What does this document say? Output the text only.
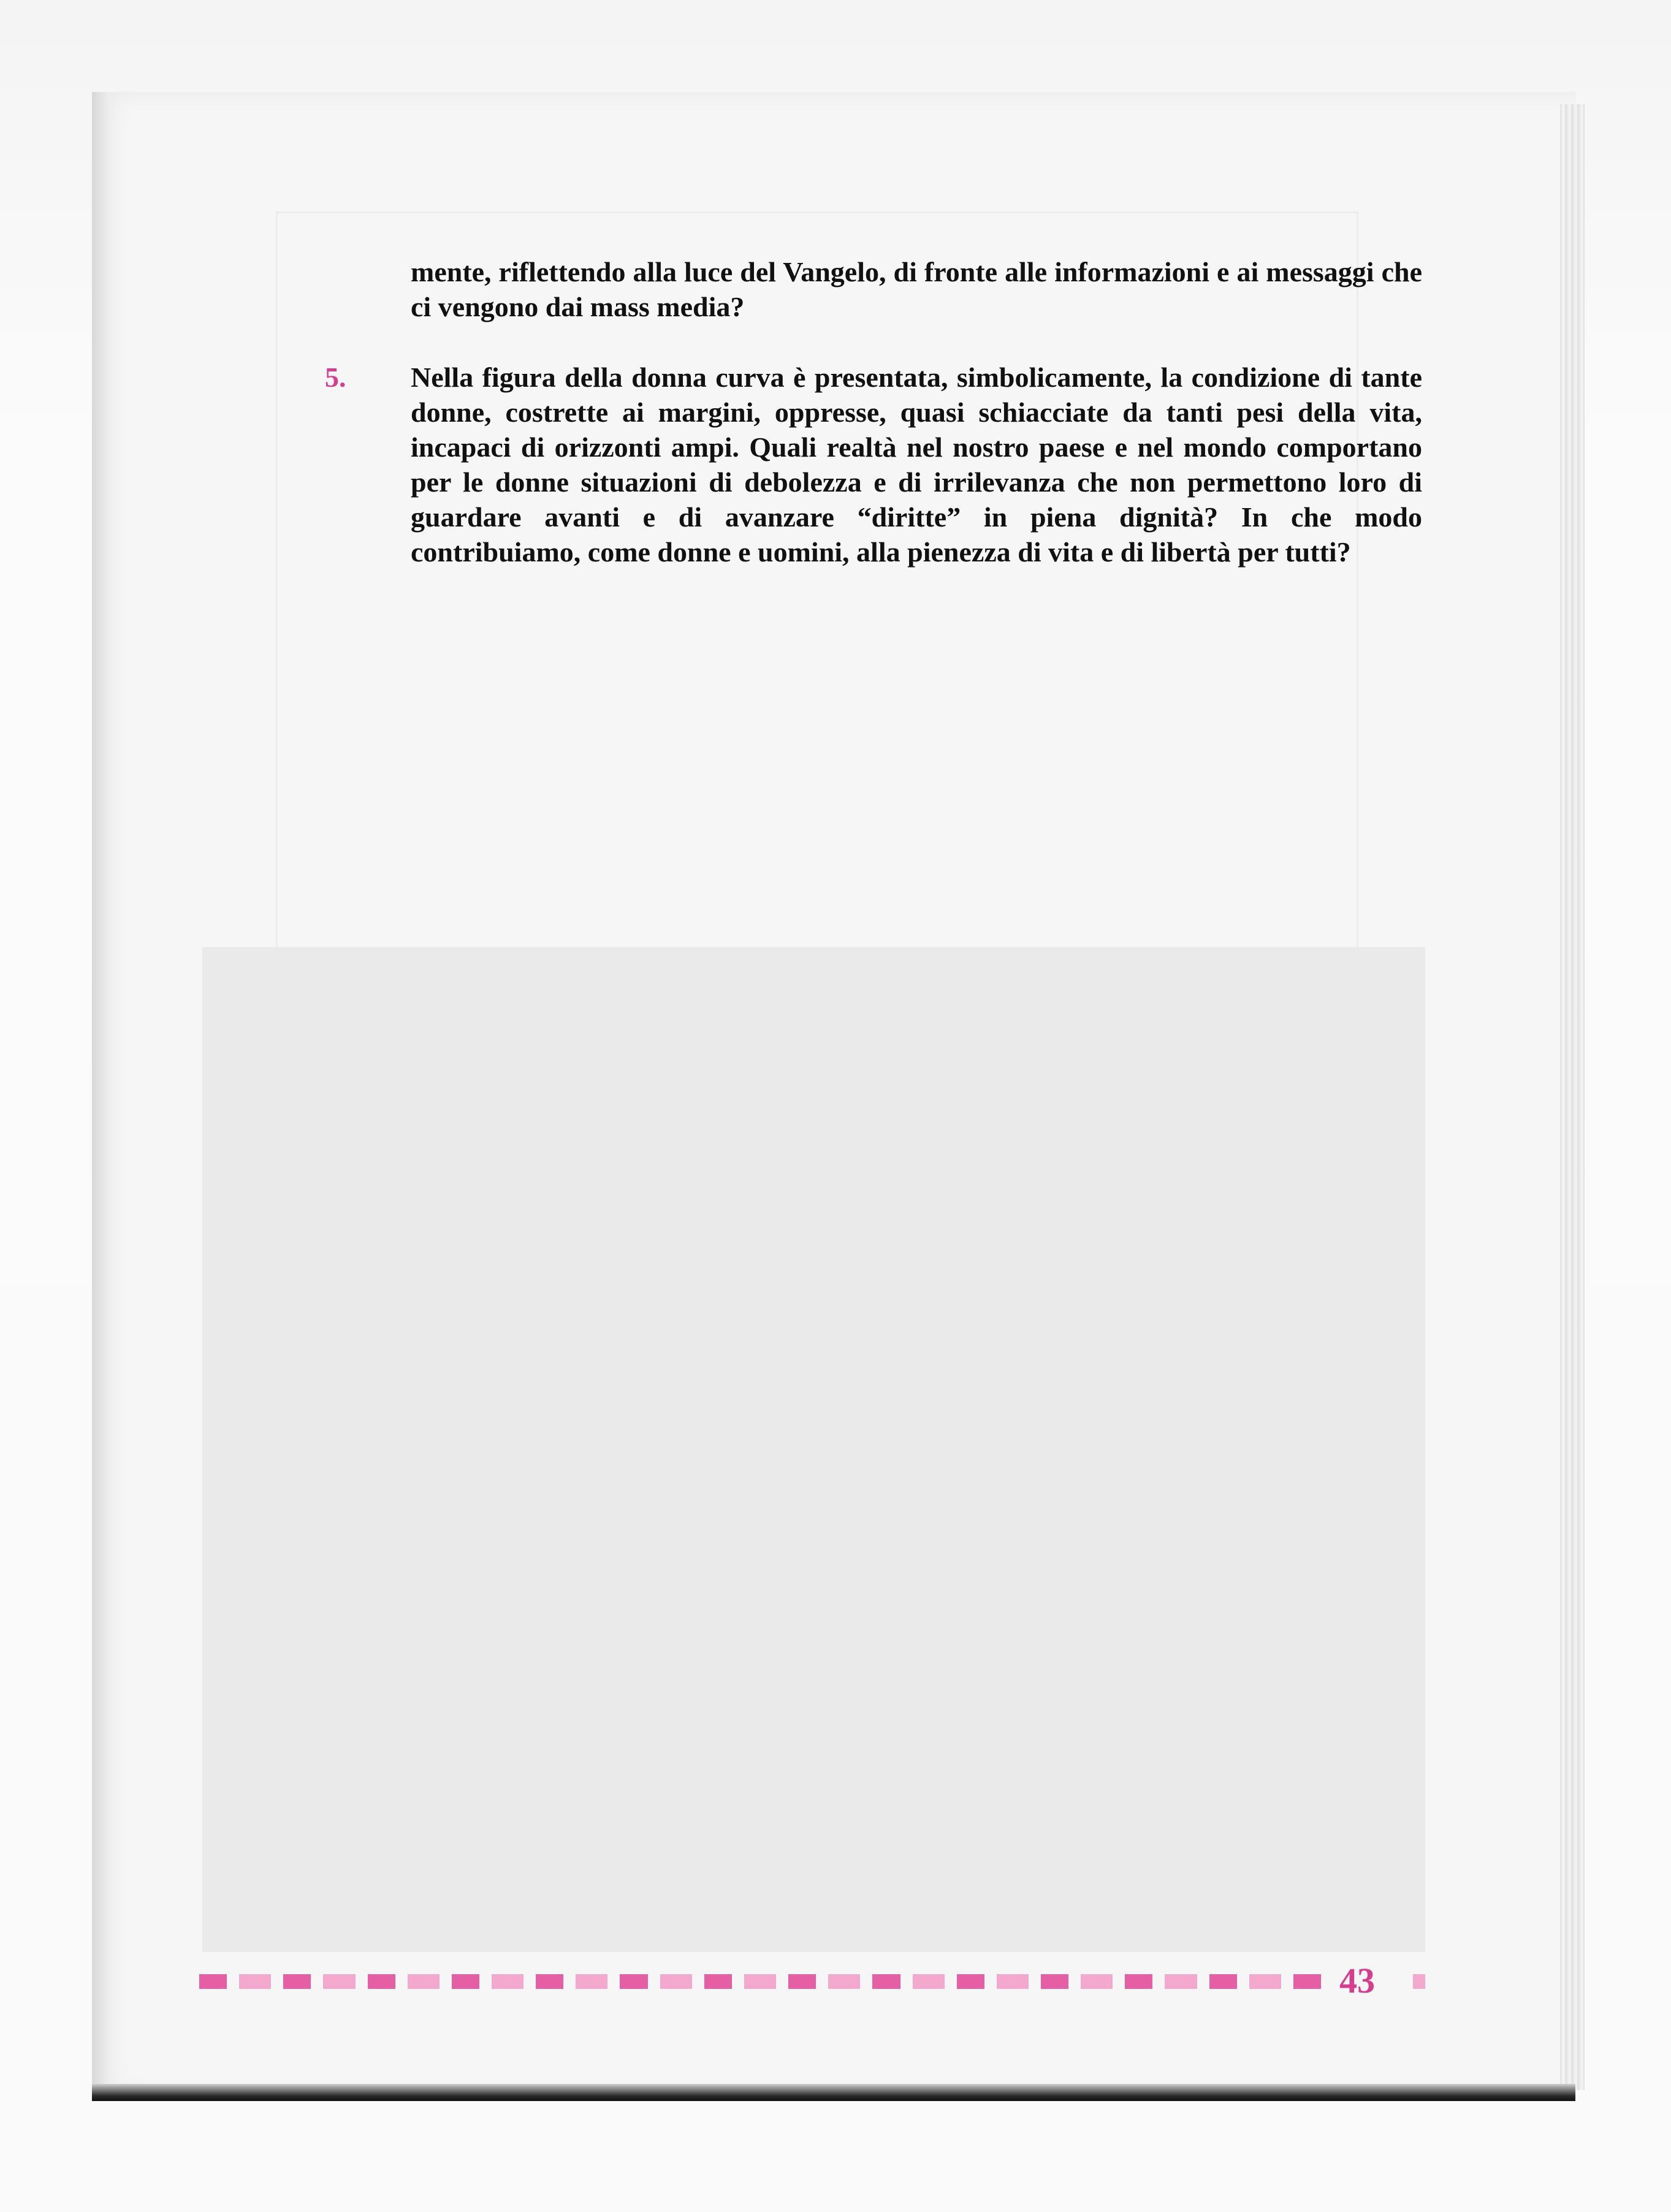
mente, riflettendo alla luce del Vangelo, di fronte alle informazioni e ai messaggi che ci vengono dai mass media?

5. Nella figura della donna curva è presentata, simbolicamente, la condizione di tante donne, costrette ai margini, oppresse, quasi schiacciate da tanti pesi della vita, incapaci di orizzonti ampi. Quali realtà nel nostro paese e nel mondo comportano per le donne situazioni di debolezza e di irrilevanza che non permettono loro di guardare avanti e di avanzare “diritte” in piena dignità? In che modo contribuiamo, come donne e uomini, alla pienezza di vita e di libertà per tutti?

43
